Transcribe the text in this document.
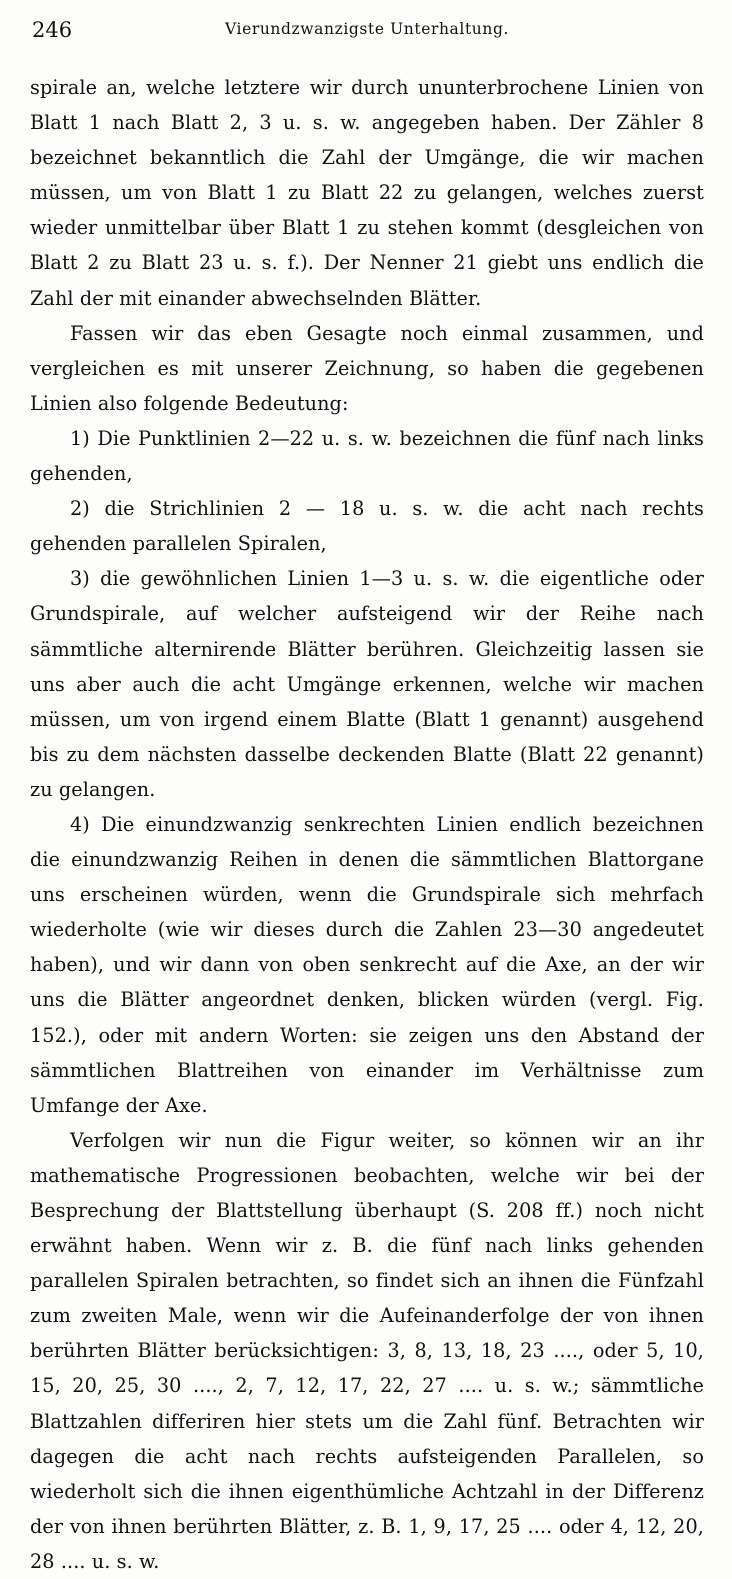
246	Vierundzwanzigste Unterhaltung.

spirale an, welche letztere wir durch ununterbrochene Linien von Blatt 1 nach Blatt 2, 3 u. s. w. angegeben haben. Der Zähler 8 bezeichnet bekanntlich die Zahl der Umgänge, die wir machen müssen, um von Blatt 1 zu Blatt 22 zu gelangen, welches zuerst wieder unmittelbar über Blatt 1 zu stehen kommt (desgleichen von Blatt 2 zu Blatt 23 u. s. f.). Der Nenner 21 giebt uns endlich die Zahl der mit einander abwechselnden Blätter.

Fassen wir das eben Gesagte noch einmal zusammen, und vergleichen es mit unserer Zeichnung, so haben die gegebenen Linien also folgende Bedeutung:

1) Die Punktlinien 2—22 u. s. w. bezeichnen die fünf nach links gehenden,

2) die Strichlinien 2 — 18 u. s. w. die acht nach rechts gehenden parallelen Spiralen,

3) die gewöhnlichen Linien 1—3 u. s. w. die eigentliche oder Grundspirale, auf welcher aufsteigend wir der Reihe nach sämmtliche alternirende Blätter berühren. Gleichzeitig lassen sie uns aber auch die acht Umgänge erkennen, welche wir machen müssen, um von irgend einem Blatte (Blatt 1 genannt) ausgehend bis zu dem nächsten dasselbe deckenden Blatte (Blatt 22 genannt) zu gelangen.

4) Die einundzwanzig senkrechten Linien endlich bezeichnen die einundzwanzig Reihen in denen die sämmtlichen Blattorgane uns erscheinen würden, wenn die Grundspirale sich mehrfach wiederholte (wie wir dieses durch die Zahlen 23—30 angedeutet haben), und wir dann von oben senkrecht auf die Axe, an der wir uns die Blätter angeordnet denken, blicken würden (vergl. Fig. 152.), oder mit andern Worten: sie zeigen uns den Abstand der sämmtlichen Blattreihen von einander im Verhältnisse zum Umfange der Axe.

Verfolgen wir nun die Figur weiter, so können wir an ihr mathematische Progressionen beobachten, welche wir bei der Besprechung der Blattstellung überhaupt (S. 208 ff.) noch nicht erwähnt haben. Wenn wir z. B. die fünf nach links gehenden parallelen Spiralen betrachten, so findet sich an ihnen die Fünfzahl zum zweiten Male, wenn wir die Aufeinanderfolge der von ihnen berührten Blätter berücksichtigen: 3, 8, 13, 18, 23 ...., oder 5, 10, 15, 20, 25, 30 ...., 2, 7, 12, 17, 22, 27 .... u. s. w.; sämmtliche Blattzahlen differiren hier stets um die Zahl fünf. Betrachten wir dagegen die acht nach rechts aufsteigenden Parallelen, so wiederholt sich die ihnen eigenthümliche Achtzahl in der Differenz der von ihnen berührten Blätter, z. B. 1, 9, 17, 25 .... oder 4, 12, 20, 28 .... u. s. w.
